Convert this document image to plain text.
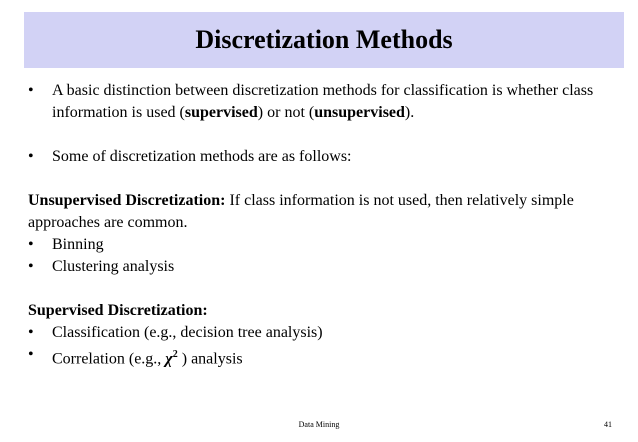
Discretization Methods
•	A basic distinction between discretization methods for classification is whether class information is used (supervised) or not (unsupervised).
•	Some of discretization methods are as follows:

Unsupervised Discretization: If class information is not used, then relatively simple approaches are common.

•	Binning
•	Clustering analysis

Supervised Discretization:

•	Classification (e.g., decision tree analysis)
•	Correlation (e.g., $\chi^2$ ) analysis
Data Mining	41
